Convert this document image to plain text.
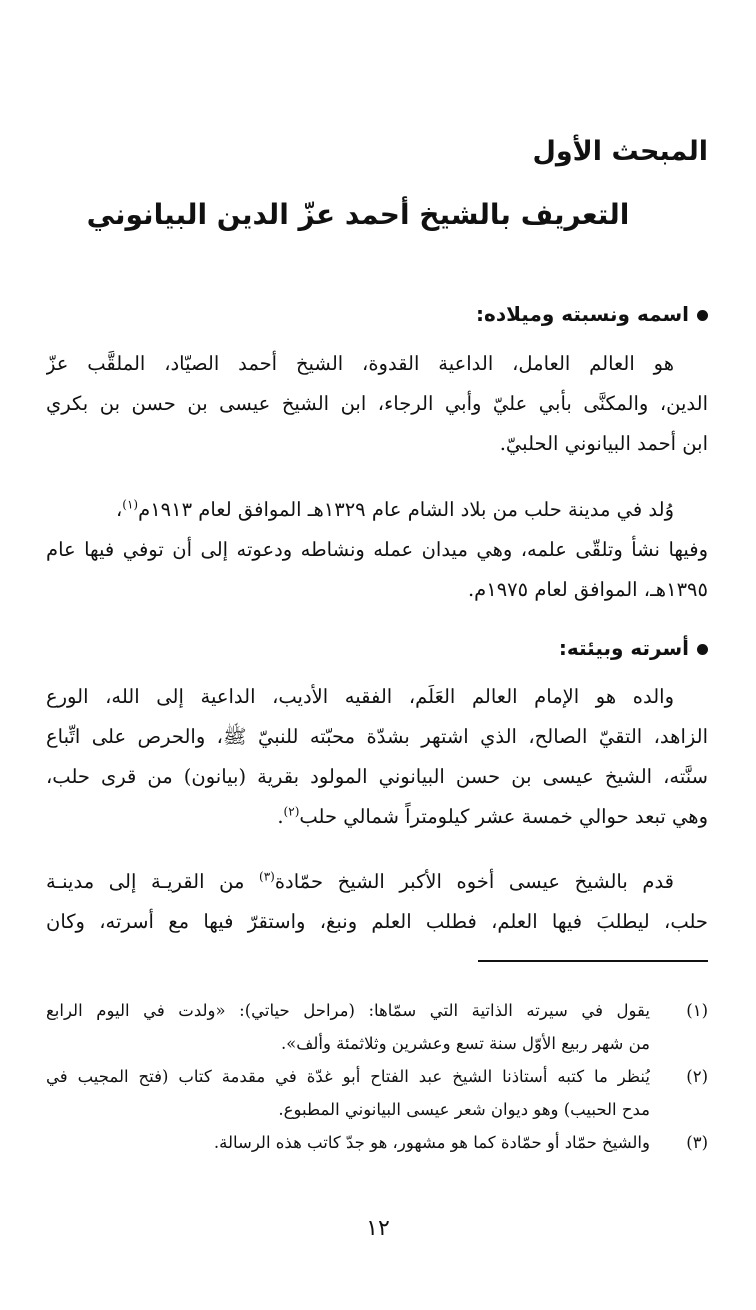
المبحث الأول
التعريف بالشيخ أحمد عزّ الدين البيانوني
اسمه ونسبته وميلاده:

هو العالم العامل، الداعية القدوة، الشيخ أحمد الصيّاد، الملقَّب عزّ
الدين، والمكنَّى بأبي عليّ وأبي الرجاء، ابن الشيخ عيسى بن حسن بن بكري
ابن أحمد البيانوني الحلبيّ.

وُلد في مدينة حلب من بلاد الشام عام ١٣٢٩هـ الموافق لعام ١٩١٣م$^{(١)}$،
وفيها نشأ وتلقّى علمه، وهي ميدان عمله ونشاطه ودعوته إلى أن توفي فيها عام
١٣٩٥هـ، الموافق لعام ١٩٧٥م.

أسرته وبيئته:

والده هو الإمام العالم العَلَم، الفقيه الأديب، الداعية إلى الله، الورع
الزاهد، التقيّ الصالح، الذي اشتهر بشدّة محبّته للنبيّ ﷺ، والحرص على اتِّباع
سنَّته، الشيخ عيسى بن حسن البيانوني المولود بقرية (بيانون) من قرى حلب،
وهي تبعد حوالي خمسة عشر كيلومتراً شمالي حلب$^{(٢)}$.

قدم بالشيخ عيسى أخوه الأكبر الشيخ حمّادة$^{(٣)}$ من القريـة إلى مدينـة
حلب، ليطلبَ فيها العلم، فطلب العلم ونبغ، واستقرّ فيها مع أسرته، وكان

(١)
يقول في سيرته الذاتية التي سمّاها: (مراحل حياتي): «ولدت في اليوم الرابع
من شهر ربيع الأوّل سنة تسع وعشرين وثلاثمئة وألف».
(٢)
يُنظر ما كتبه أستاذنا الشيخ عبد الفتاح أبو غدّة في مقدمة كتاب (فتح المجيب في
مدح الحبيب) وهو ديوان شعر عيسى البيانوني المطبوع.
(٣)
والشيخ حمّاد أو حمّادة كما هو مشهور، هو جدّ كاتب هذه الرسالة.
١٢
